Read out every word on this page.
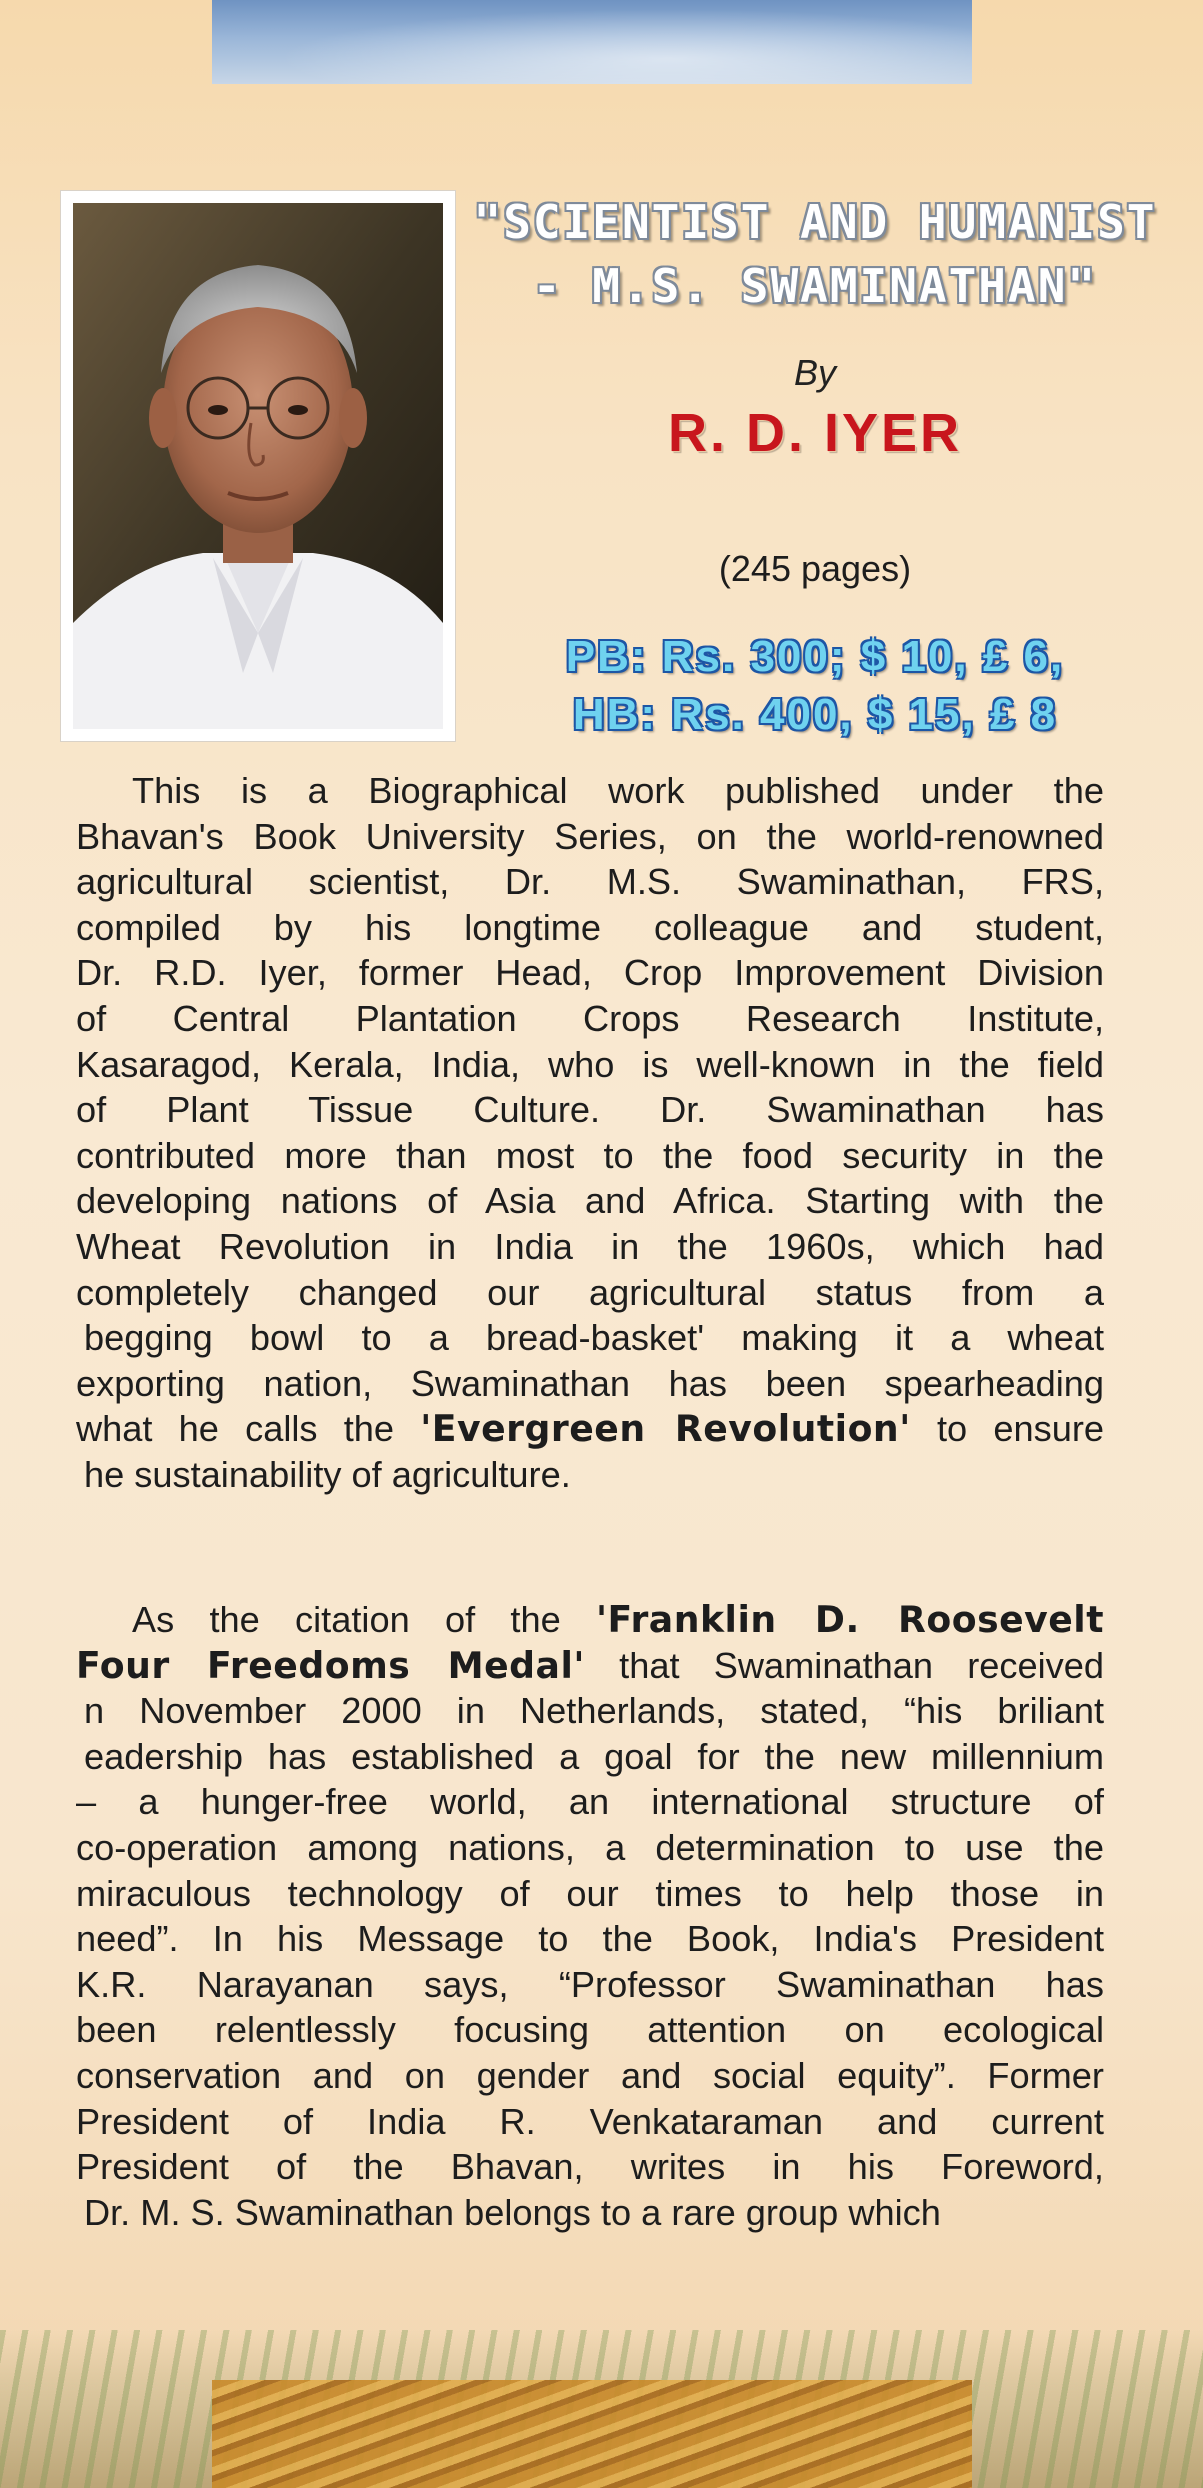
"SCIENTIST AND HUMANIST
- M.S. SWAMINATHAN"
By
R. D. IYER
(245 pages)
PB: Rs. 300; $ 10, £ 6,
HB: Rs. 400, $ 15, £ 8
This is a Biographical work published under the
Bhavan's Book University Series, on the world-renowned
agricultural scientist, Dr. M.S. Swaminathan, FRS,
compiled by his longtime colleague and student,
Dr. R.D. Iyer, former Head, Crop Improvement Division
of Central Plantation Crops Research Institute,
Kasaragod, Kerala, India, who is well-known in the field
of Plant Tissue Culture. Dr. Swaminathan has
contributed more than most to the food security in the
developing nations of Asia and Africa. Starting with the
Wheat Revolution in India in the 1960s, which had
completely changed our agricultural status from a
begging bowl to a bread-basket' making it a wheat
exporting nation, Swaminathan has been spearheading
what he calls the 'Evergreen Revolution' to ensure
he sustainability of agriculture.
As the citation of the 'Franklin D. Roosevelt
Four Freedoms Medal' that Swaminathan received
n November 2000 in Netherlands, stated, “his briliant
eadership has established a goal for the new millennium
– a hunger-free world, an international structure of
co-operation among nations, a determination to use the
miraculous technology of our times to help those in
need”. In his Message to the Book, India's President
K.R. Narayanan says, “Professor Swaminathan has
been relentlessly focusing attention on ecological
conservation and on gender and social equity”. Former
President of India R. Venkataraman and current
President of the Bhavan, writes in his Foreword,
Dr. M. S. Swaminathan belongs to a rare group which
